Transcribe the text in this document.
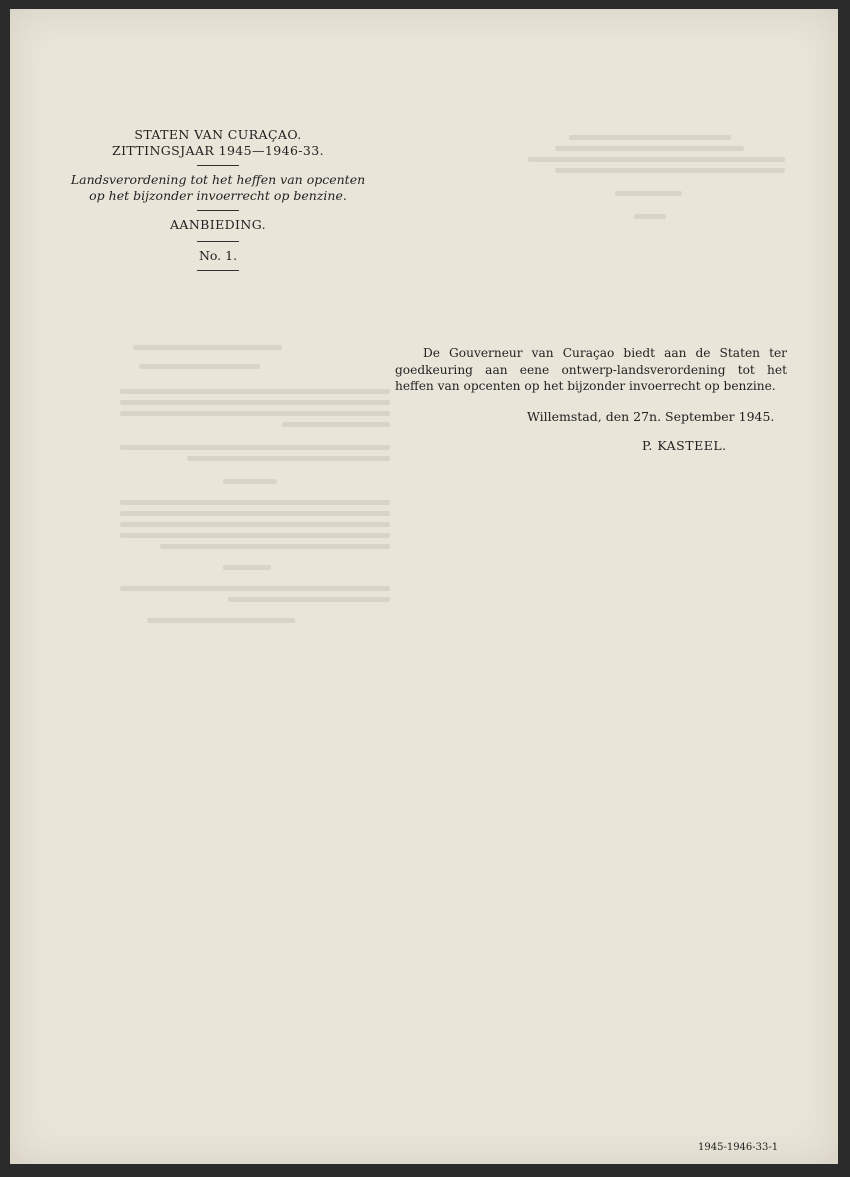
STATEN VAN CURAÇAO.
ZITTINGSJAAR 1945—1946-33.
Landsverordening tot het heffen van opcenten
op het bijzonder invoerrecht op benzine.
AANBIEDING.
No. 1.

De Gouverneur van Curaçao biedt aan de Staten ter goedkeuring aan eene ontwerp-landsverordening tot het heffen van opcenten op het bijzonder invoerrecht op benzine.

Willemstad, den 27n. September 1945.
P. KASTEEL.
1945-1946-33-1
